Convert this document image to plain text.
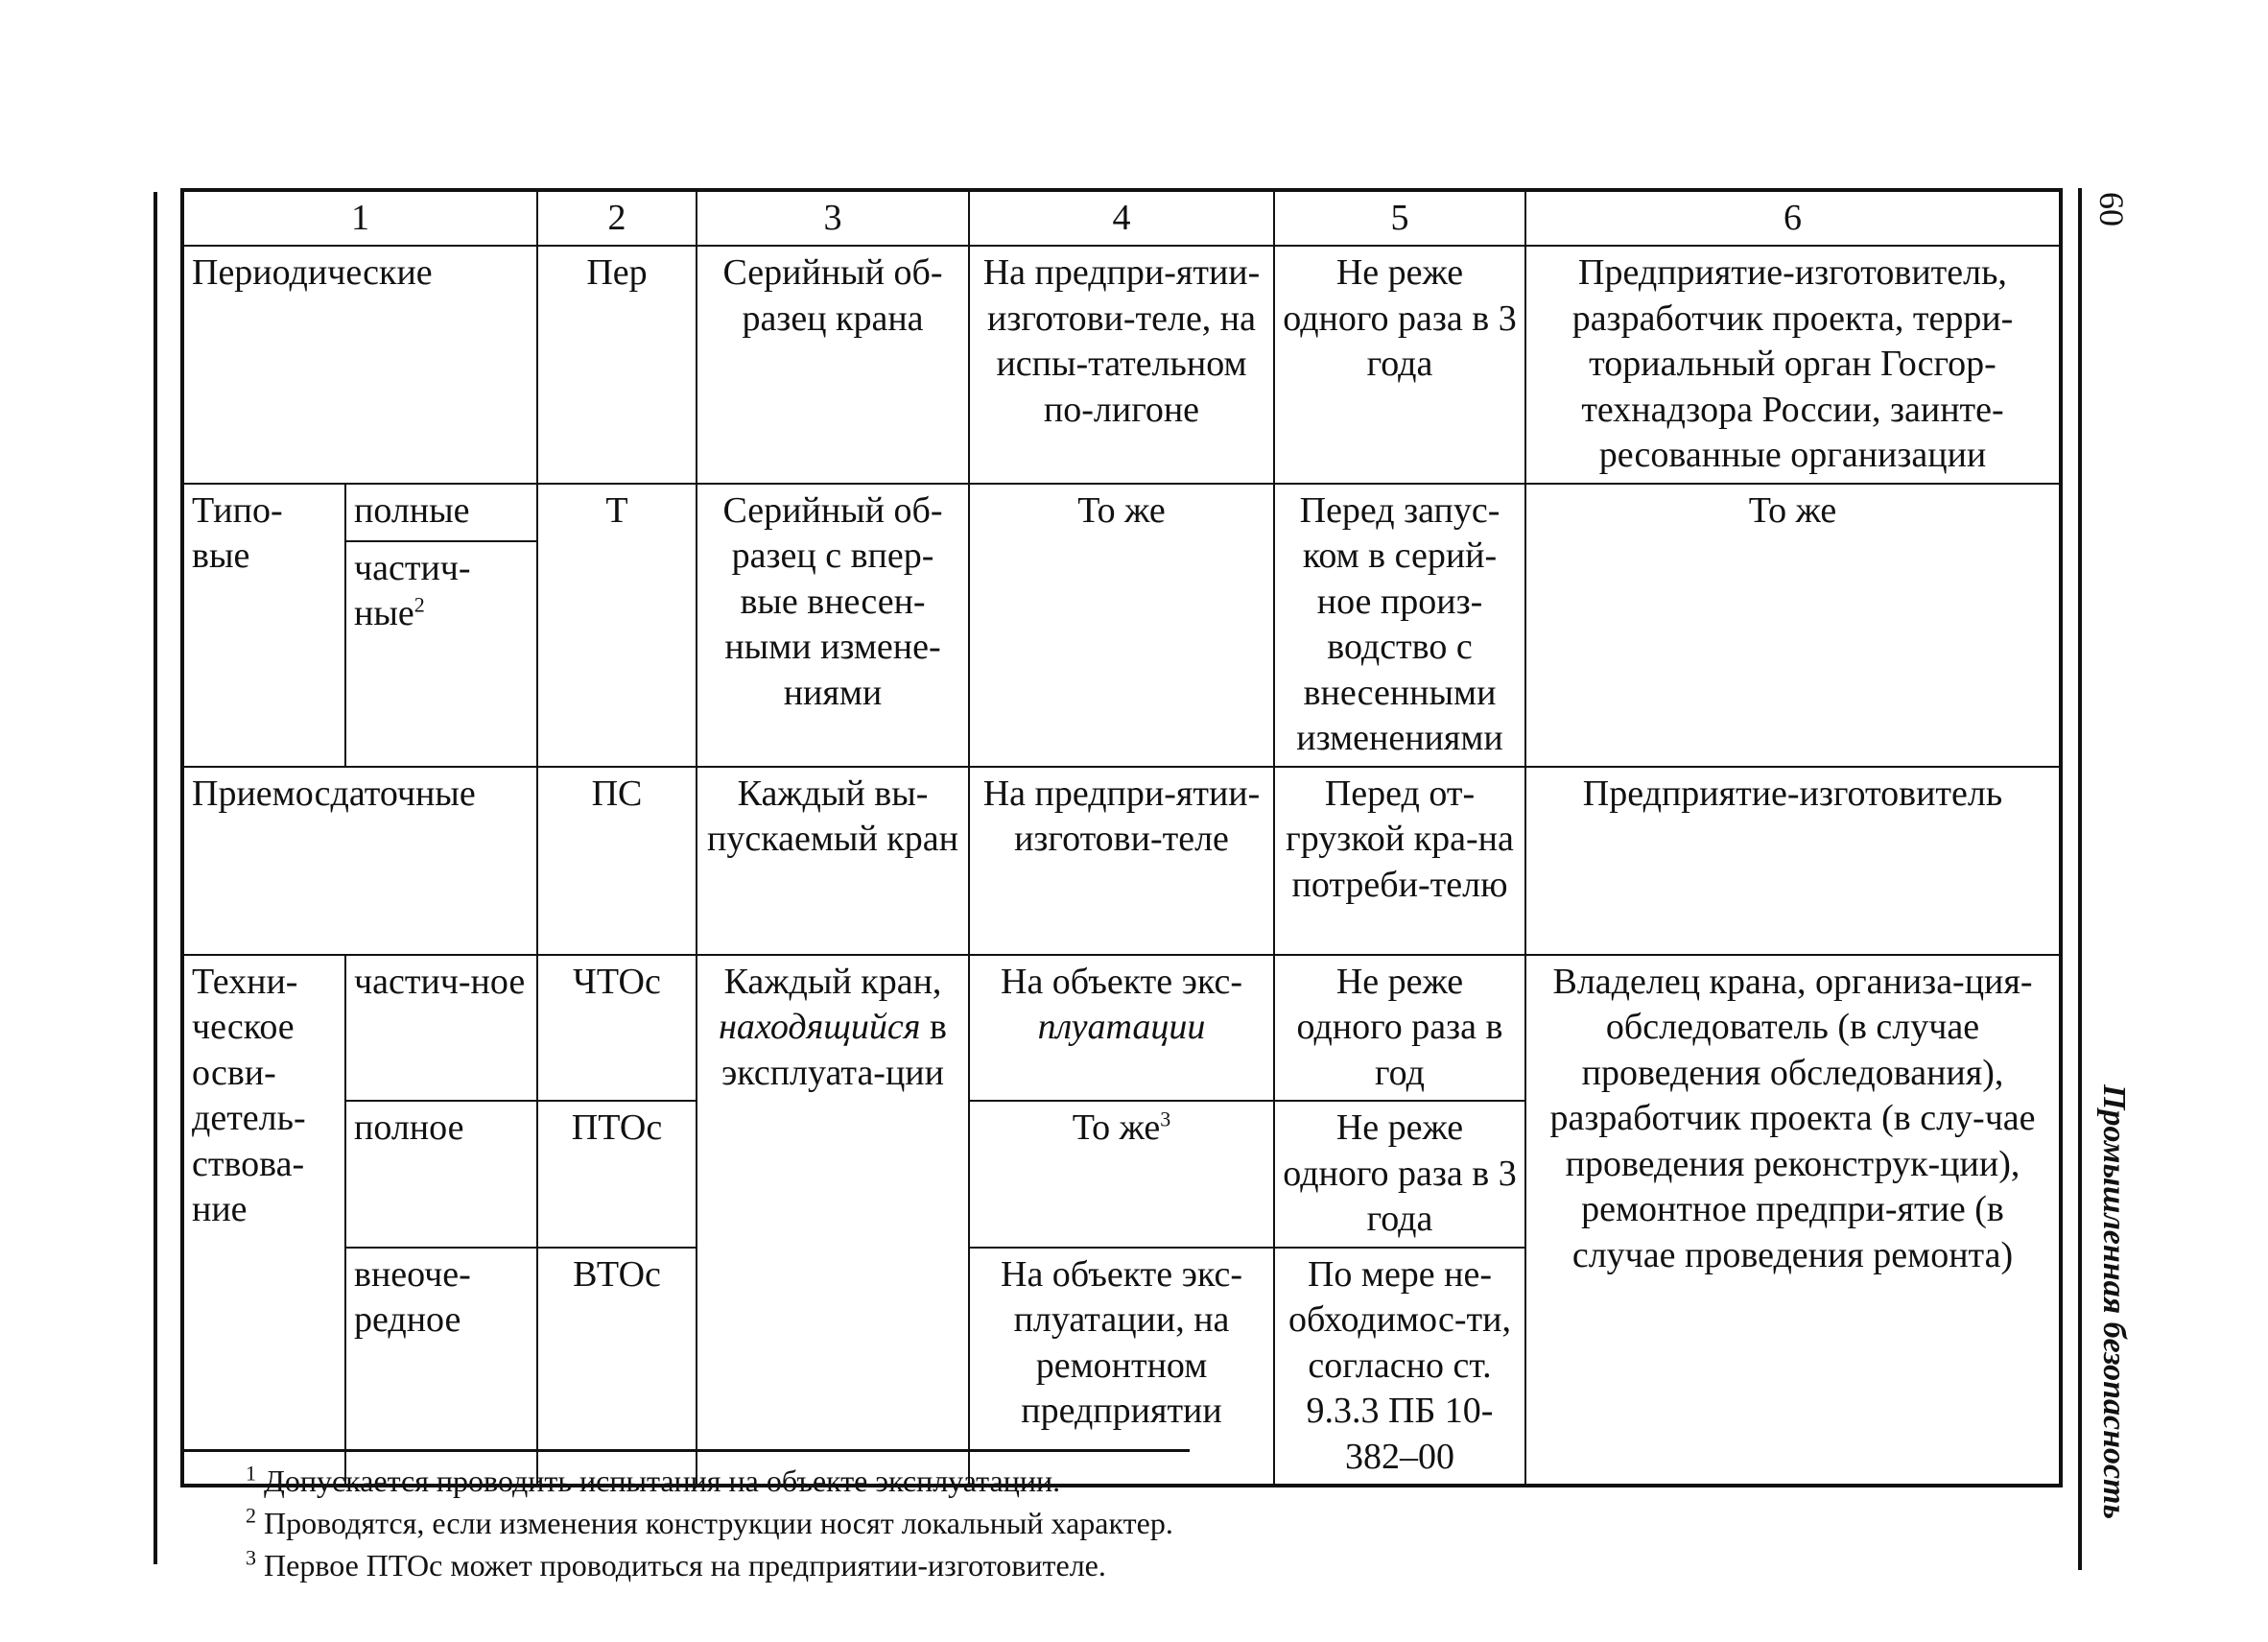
60
Промышленная безопасность
1		2	3	4	5	6
Периодические		Пер	Серийный об-разец крана	На предпри-ятии-изготови-теле, на испы-тательном по-лигоне	Не реже одного раза в 3 года	Предприятие-изготовитель, разработчик проекта, терри-ториальный орган Госгор-технадзора России, заинте-ресованные организации
Типо-вые	полные	Т	Серийный об-разец с впер-вые внесен-ными измене-ниями	То же	Перед запус-ком в серий-ное произ-водство с внесенными изменениями	То же
	частич-ные$^2$
Приемосдаточные		ПС	Каждый вы-пускаемый кран	На предпри-ятии-изготови-теле	Перед от-грузкой кра-на потреби-телю	Предприятие-изготовитель
Техни-ческое осви-детель-ствова-ние	частич-ное	ЧТОс	Каждый кран, находящийся в эксплуата-ции	На объекте экс- плуатации	Не реже одного раза в год	Владелец крана, организа-ция-обследователь (в случае проведения обследования), разработчик проекта (в слу-чае проведения реконструк-ции), ремонтное предпри-ятие (в случае проведения ремонта)
	полное	ПТОс		То $же^3$	Не реже одного раза в 3 года	
	внеоче-редное	ВТОс		На объекте экс-плуатации, на ремонтном предприятии	По мере не-обходимос-ти, согласно ст. 9.3.3 ПБ 10-382–00	
$^1$ Допускается проводить испытания на объекте эксплуатации.
$^2$ Проводятся, если изменения конструкции носят локальный характер.
$^3$ Первое ПТОс может проводиться на предприятии-изготовителе.
